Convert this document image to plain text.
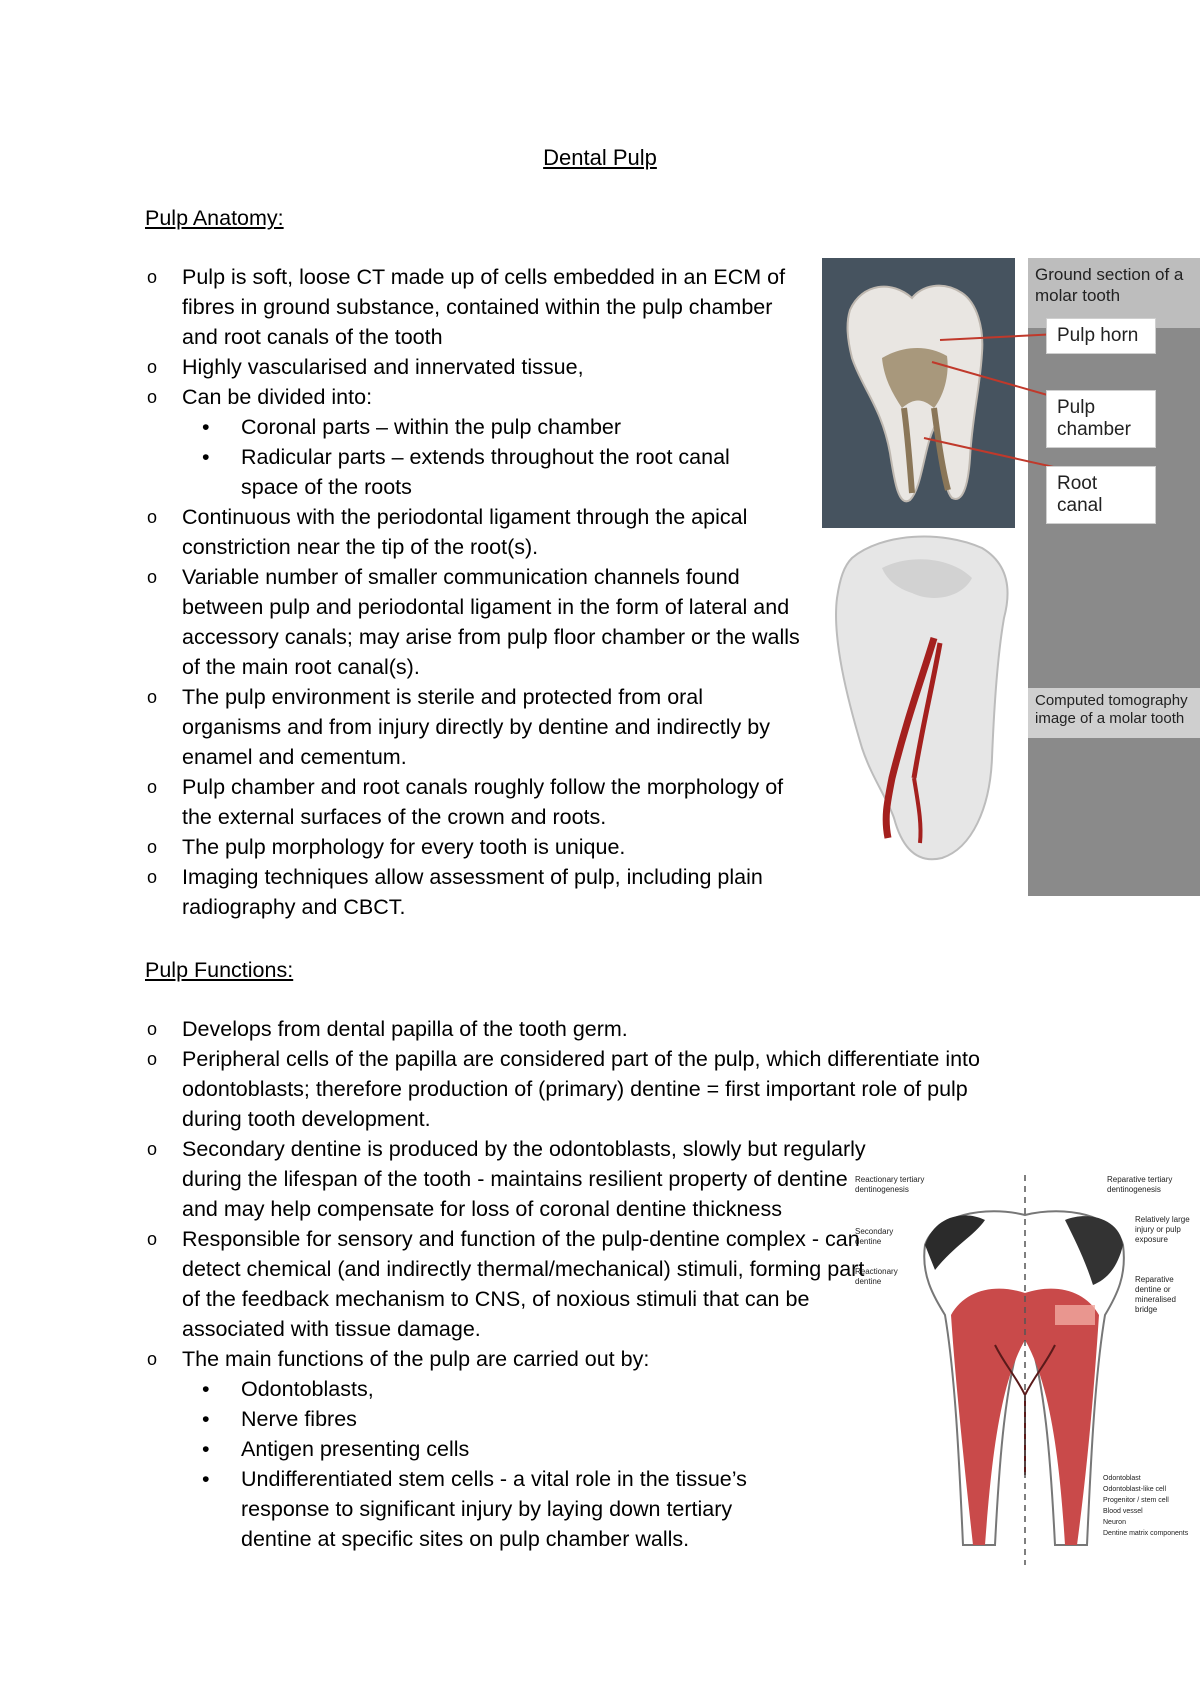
Dental Pulp
Pulp Anatomy:
o Pulp is soft, loose CT made up of cells embedded in an ECM of fibres in ground substance, contained within the pulp chamber and root canals of the tooth
o Highly vascularised and innervated tissue,
o Can be divided into:
• Coronal parts – within the pulp chamber
• Radicular parts – extends throughout the root canal space of the roots
o Continuous with the periodontal ligament through the apical constriction near the tip of the root(s).
o Variable number of smaller communication channels found between pulp and periodontal ligament in the form of lateral and accessory canals; may arise from pulp floor chamber or the walls of the main root canal(s).
o The pulp environment is sterile and protected from oral organisms and from injury directly by dentine and indirectly by enamel and cementum.
o Pulp chamber and root canals roughly follow the morphology of the external surfaces of the crown and roots.
o The pulp morphology for every tooth is unique.
o Imaging techniques allow assessment of pulp, including plain radiography and CBCT.
Ground section of a molar tooth
Pulp horn
Pulp chamber
Root canal
Computed tomography image of a molar tooth
Pulp Functions:
o Develops from dental papilla of the tooth germ.
o Peripheral cells of the papilla are considered part of the pulp, which differentiate into odontoblasts; therefore production of (primary) dentine = first important role of pulp during tooth development.
o Secondary dentine is produced by the odontoblasts, slowly but regularly during the lifespan of the tooth - maintains resilient property of dentine and may help compensate for loss of coronal dentine thickness
o Responsible for sensory and function of the pulp-dentine complex - can detect chemical (and indirectly thermal/mechanical) stimuli, forming part of the feedback mechanism to CNS, of noxious stimuli that can be associated with tissue damage.
o The main functions of the pulp are carried out by:
• Odontoblasts,
• Nerve fibres
• Antigen presenting cells
• Undifferentiated stem cells - a vital role in the tissue’s response to significant injury by laying down tertiary dentine at specific sites on pulp chamber walls.
Reactionary tertiary dentinogenesis
Secondary dentine
Reactionary dentine
Reparative tertiary dentinogenesis
Relatively large injury or pulp exposure
Reparative dentine or mineralised bridge
Odontoblast
Odontoblast-like cell
Progenitor / stem cell
Blood vessel
Neuron
Dentine matrix components
